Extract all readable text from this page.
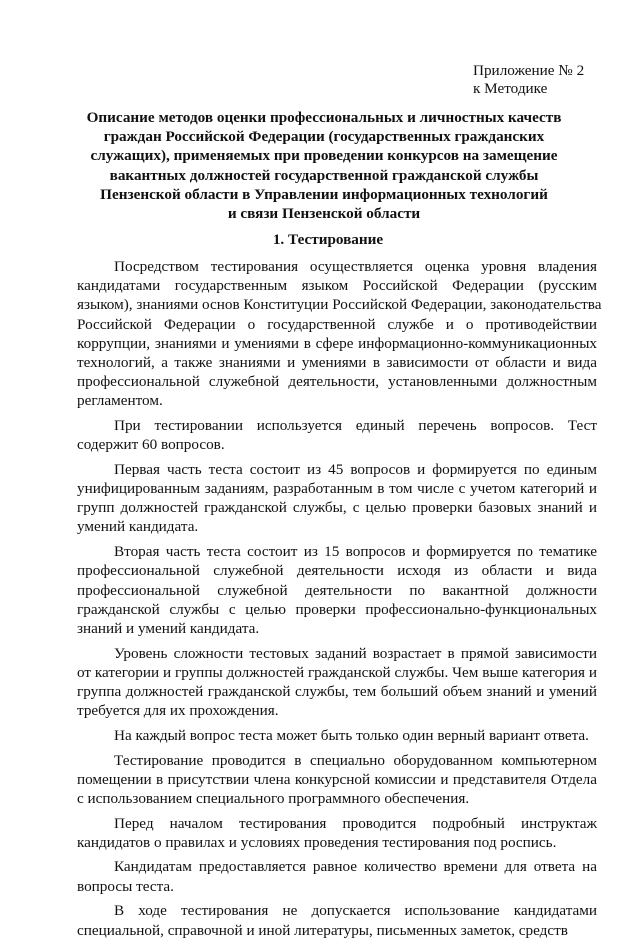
Приложение № 2
к Методике
Описание методов оценки профессиональных и личностных качеств
граждан Российской Федерации (государственных гражданских
служащих), применяемых при проведении конкурсов на замещение
вакантных должностей государственной гражданской службы
Пензенской области в Управлении информационных технологий
и связи Пензенской области
1. Тестирование
Посредством тестирования осуществляется оценка уровня владения
кандидатами государственным языком Российской Федерации (русским
языком), знаниями основ Конституции Российской Федерации, законодательства
Российской Федерации о государственной службе и о противодействии
коррупции, знаниями и умениями в сфере информационно-коммуникационных
технологий, а также знаниями и умениями в зависимости от области и вида
профессиональной служебной деятельности, установленными должностным
регламентом.
При тестировании используется единый перечень вопросов. Тест
содержит 60 вопросов.
Первая часть теста состоит из 45 вопросов и формируется по единым
унифицированным заданиям, разработанным в том числе с учетом категорий и
групп должностей гражданской службы, с целью проверки базовых знаний и
умений кандидата.
Вторая часть теста состоит из 15 вопросов и формируется по тематике
профессиональной служебной деятельности исходя из области и вида
профессиональной служебной деятельности по вакантной должности
гражданской службы с целью проверки профессионально-функциональных
знаний и умений кандидата.
Уровень сложности тестовых заданий возрастает в прямой зависимости
от категории и группы должностей гражданской службы. Чем выше категория и
группа должностей гражданской службы, тем больший объем знаний и умений
требуется для их прохождения.
На каждый вопрос теста может быть только один верный вариант ответа.
Тестирование проводится в специально оборудованном компьютерном
помещении в присутствии члена конкурсной комиссии и представителя Отдела
с использованием специального программного обеспечения.
Перед началом тестирования проводится подробный инструктаж
кандидатов о правилах и условиях проведения тестирования под роспись.
Кандидатам предоставляется равное количество времени для ответа на
вопросы теста.
В ходе тестирования не допускается использование кандидатами
специальной, справочной и иной литературы, письменных заметок, средств
